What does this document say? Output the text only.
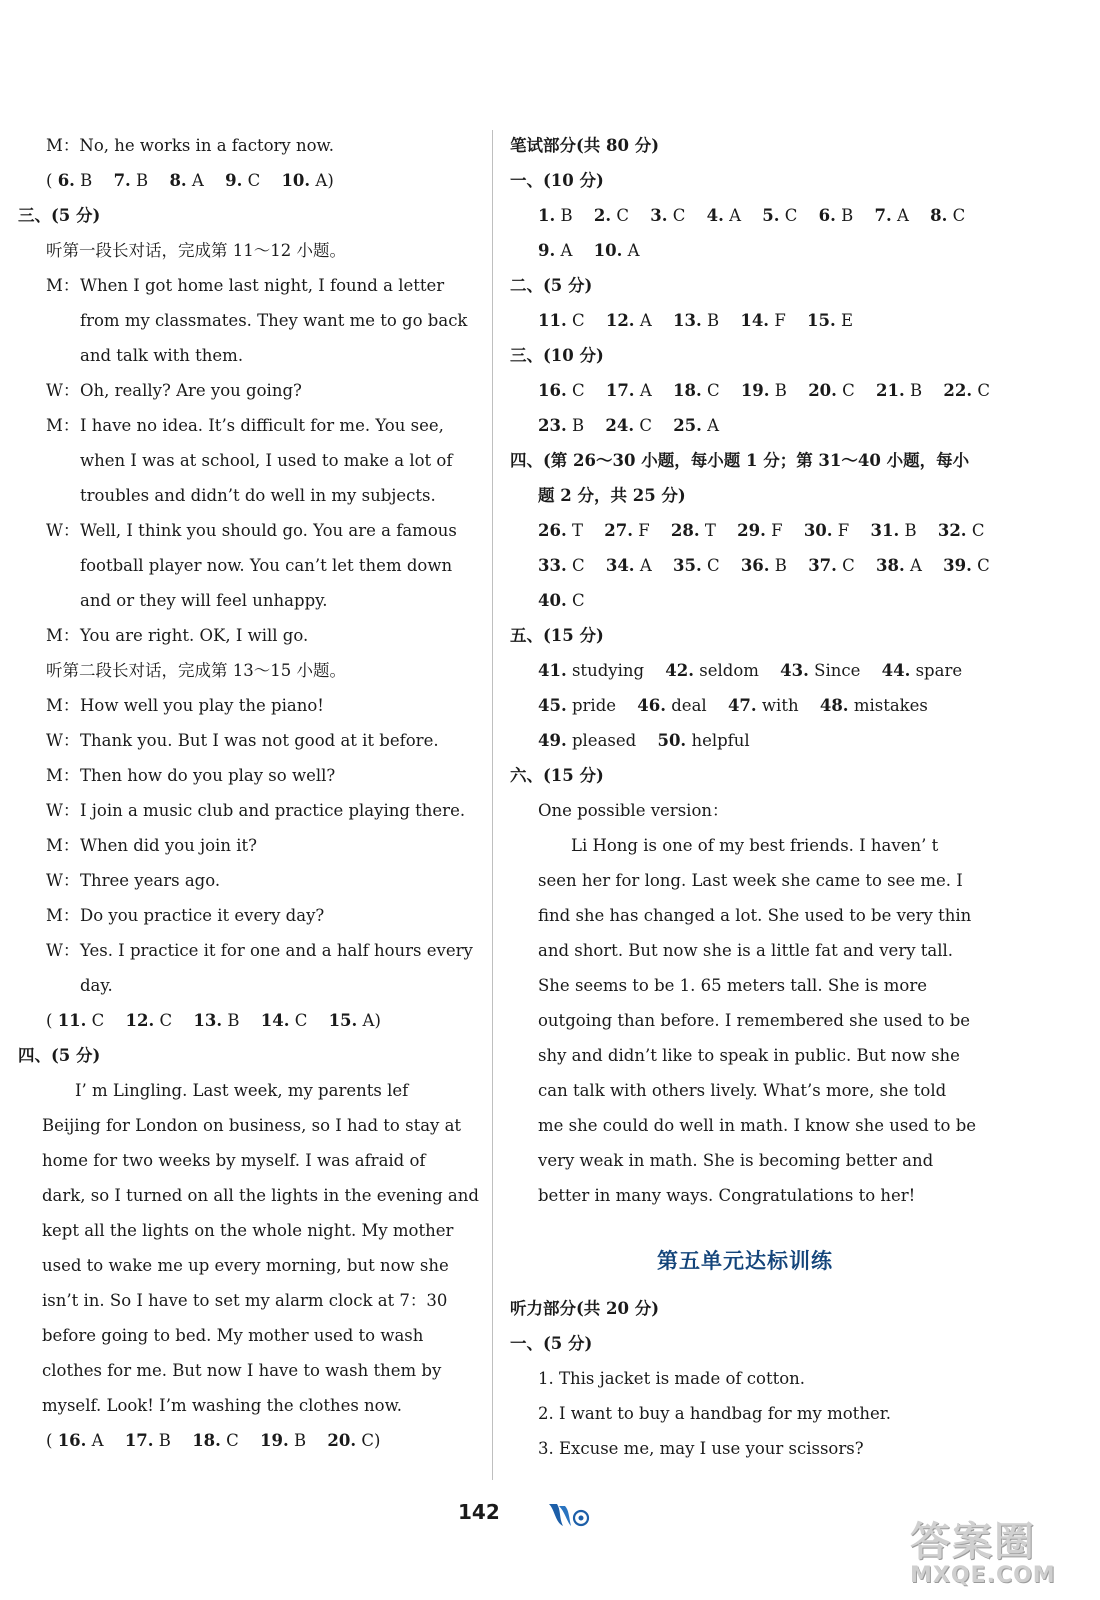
M：No, he works in a factory now.
( 6. B 7. B 8. A 9. C 10. A)
三、(5 分)
听第一段长对话，完成第 11～12 小题。
M： When I got home last night, I found a letter
from my classmates. They want me to go back
and talk with them.
W： Oh, really? Are you going?
M： I have no idea. It’s difficult for me. You see,
when I was at school, I used to make a lot of
troubles and didn’t do well in my subjects.
W： Well, I think you should go. You are a famous
football player now. You can’t let them down
and or they will feel unhappy.
M： You are right. OK, I will go.
听第二段长对话，完成第 13～15 小题。
M： How well you play the piano!
W： Thank you. But I was not good at it before.
M： Then how do you play so well?
W： I join a music club and practice playing there.
M： When did you join it?
W： Three years ago.
M： Do you practice it every day?
W： Yes. I practice it for one and a half hours every
day.
( 11. C 12. C 13. B 14. C 15. A)
四、(5 分)
I’ m Lingling. Last week, my parents lef
Beijing for London on business, so I had to stay at
home for two weeks by myself. I was afraid of
dark, so I turned on all the lights in the evening and
kept all the lights on the whole night. My mother
used to wake me up every morning, but now she
isn’t in. So I have to set my alarm clock at 7：30
before going to bed. My mother used to wash
clothes for me. But now I have to wash them by
myself. Look! I’m washing the clothes now.
( 16. A 17. B 18. C 19. B 20. C)
笔试部分(共 80 分)
一、(10 分)
1. B 2. C 3. C 4. A 5. C 6. B 7. A 8. C
9. A 10. A
二、(5 分)
11. C 12. A 13. B 14. F 15. E
三、(10 分)
16. C 17. A 18. C 19. B 20. C 21. B 22. C
23. B 24. C 25. A
四、(第 26～30 小题，每小题 1 分；第 31～40 小题，每小
题 2 分，共 25 分)
26. T 27. F 28. T 29. F 30. F 31. B 32. C
33. C 34. A 35. C 36. B 37. C 38. A 39. C
40. C
五、(15 分)
41. studying 42. seldom 43. Since 44. spare
45. pride 46. deal 47. with 48. mistakes
49. pleased 50. helpful
六、(15 分)
One possible version：
Li Hong is one of my best friends. I haven’ t
seen her for long. Last week she came to see me. I
find she has changed a lot. She used to be very thin
and short. But now she is a little fat and very tall.
She seems to be 1. 65 meters tall. She is more
outgoing than before. I remembered she used to be
shy and didn’t like to speak in public. But now she
can talk with others lively. What’s more, she told
me she could do well in math. I know she used to be
very weak in math. She is becoming better and
better in many ways. Congratulations to her!
第五单元达标训练
听力部分(共 20 分)
一、(5 分)
1. This jacket is made of cotton.
2. I want to buy a handbag for my mother.
3. Excuse me, may I use your scissors?
142
答案圈
MXQE.COM
